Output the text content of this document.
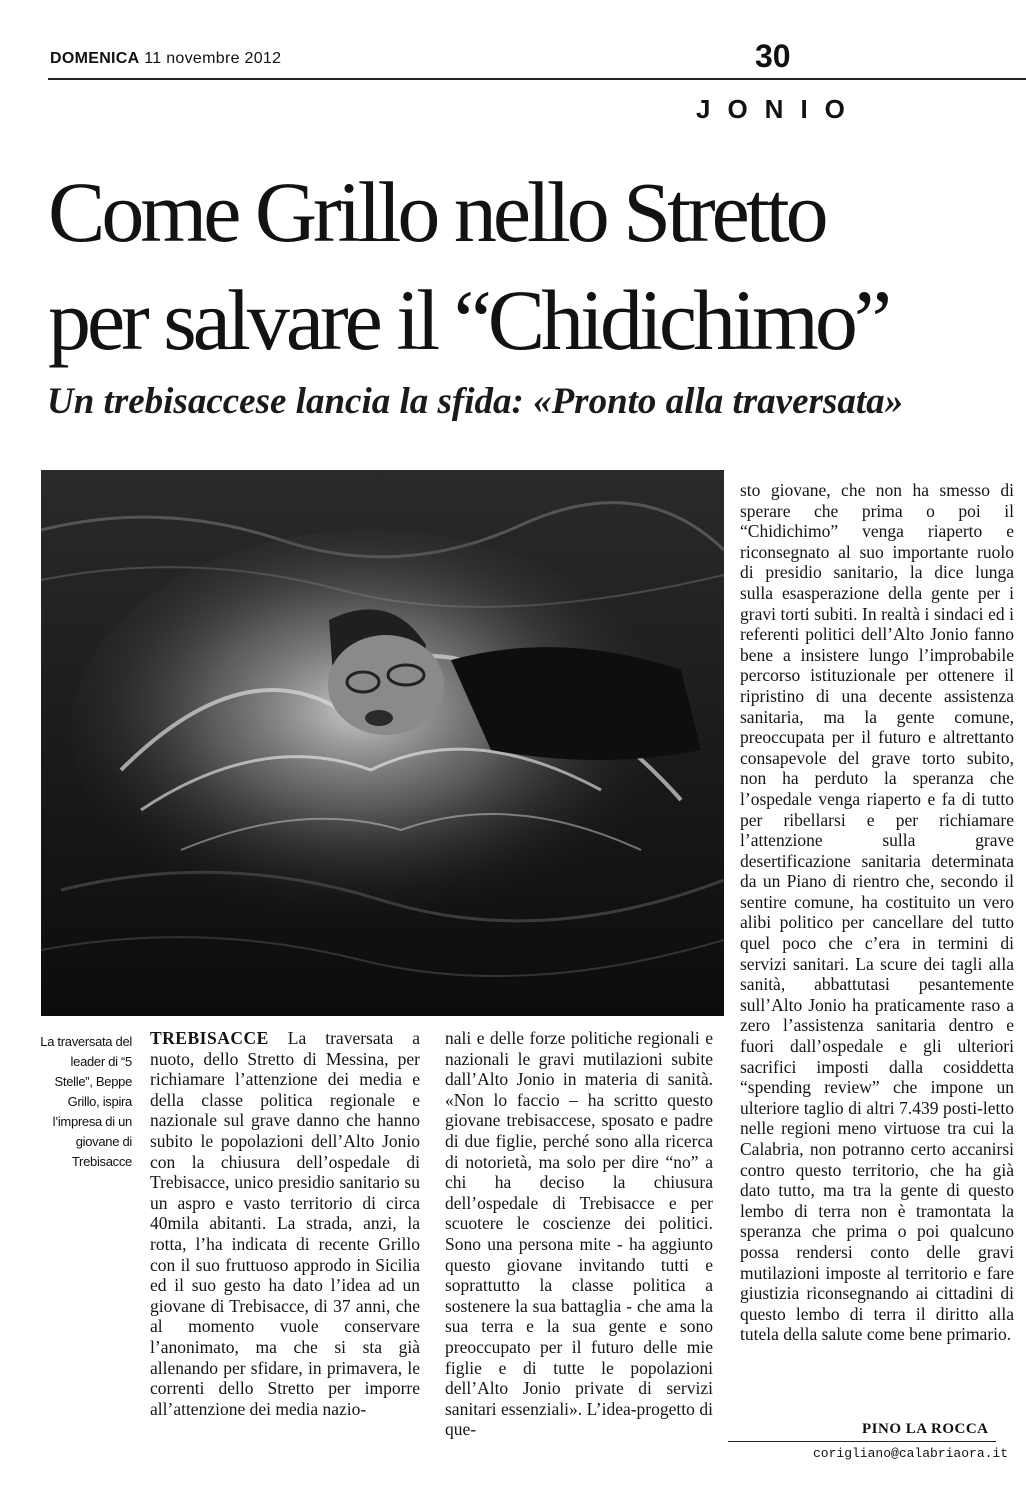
DOMENICA 11 novembre 2012	30
JONIO
Come Grillo nello Stretto
per salvare il “Chidichimo”
Un trebisaccese lancia la sfida: «Pronto alla traversata»
La traversata del leader di “5 Stelle”, Beppe Grillo, ispira l’impresa di un giovane di Trebisacce

TREBISACCE La traversata a nuoto, dello Stretto di Messina, per richiamare l’attenzione dei media e della classe politica regionale e nazionale sul grave danno che hanno subito le popolazioni dell’Alto Jonio con la chiusura dell’ospedale di Trebisacce, unico presidio sanitario su un aspro e vasto territorio di circa 40mila abitanti. La strada, anzi, la rotta, l’ha indicata di recente Grillo con il suo fruttuoso approdo in Sicilia ed il suo gesto ha dato l’idea ad un giovane di Trebisacce, di 37 anni, che al momento vuole conservare l’anonimato, ma che si sta già allenando per sfidare, in primavera, le correnti dello Stretto per imporre all’attenzione dei media nazio-

nali e delle forze politiche regionali e nazionali le gravi mutilazioni subite dall’Alto Jonio in materia di sanità. «Non lo faccio – ha scritto questo giovane trebisaccese, sposato e padre di due figlie, perché sono alla ricerca di notorietà, ma solo per dire “no” a chi ha deciso la chiusura dell’ospedale di Trebisacce e per scuotere le coscienze dei politici. Sono una persona mite - ha aggiunto questo giovane invitando tutti e soprattutto la classe politica a sostenere la sua battaglia - che ama la sua terra e la sua gente e sono preoccupato per il futuro delle mie figlie e di tutte le popolazioni dell’Alto Jonio private di servizi sanitari essenziali». L’idea-progetto di que-

sto giovane, che non ha smesso di sperare che prima o poi il “Chidichimo” venga riaperto e riconsegnato al suo importante ruolo di presidio sanitario, la dice lunga sulla esasperazione della gente per i gravi torti subiti. In realtà i sindaci ed i referenti politici dell’Alto Jonio fanno bene a insistere lungo l’improbabile percorso istituzionale per ottenere il ripristino di una decente assistenza sanitaria, ma la gente comune, preoccupata per il futuro e altrettanto consapevole del grave torto subito, non ha perduto la speranza che l’ospedale venga riaperto e fa di tutto per ribellarsi e per richiamare l’attenzione sulla grave desertificazione sanitaria determinata da un Piano di rientro che, secondo il sentire comune, ha costituito un vero alibi politico per cancellare del tutto quel poco che c’era in termini di servizi sanitari. La scure dei tagli alla sanità, abbattutasi pesantemente sull’Alto Jonio ha praticamente raso a zero l’assistenza sanitaria dentro e fuori dall’ospedale e gli ulteriori sacrifici imposti dalla cosiddetta “spending review” che impone un ulteriore taglio di altri 7.439 posti-letto nelle regioni meno virtuose tra cui la Calabria, non potranno certo accanirsi contro questo territorio, che ha già dato tutto, ma tra la gente di questo lembo di terra non è tramontata la speranza che prima o poi qualcuno possa rendersi conto delle gravi mutilazioni imposte al territorio e fare giustizia riconsegnando ai cittadini di questo lembo di terra il diritto alla tutela della salute come bene primario.

PINO LA ROCCA
corigliano@calabriaora.it
